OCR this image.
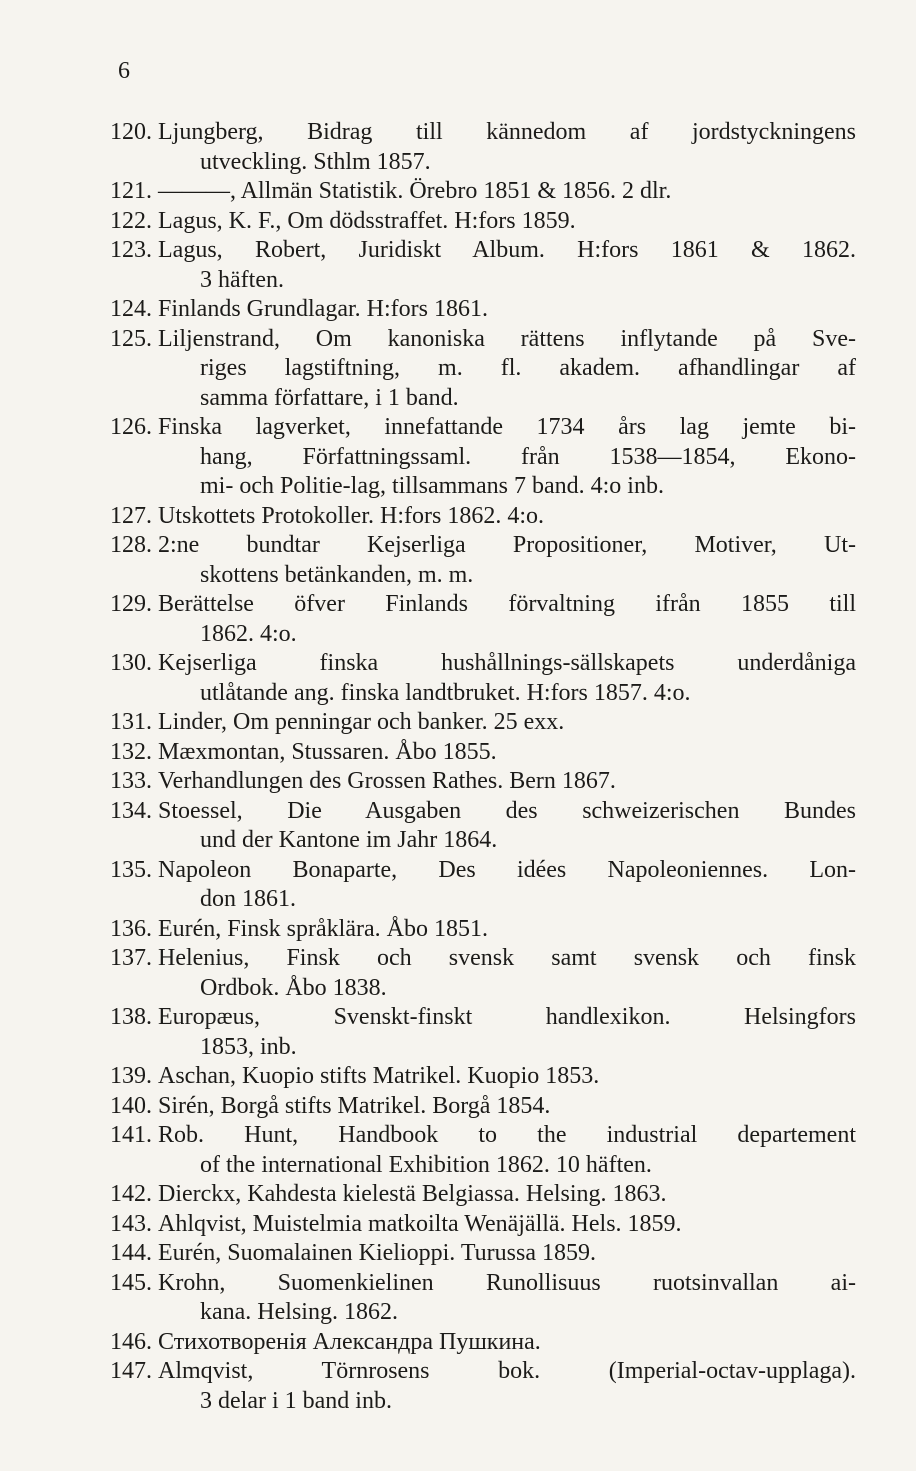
6
120. Ljungberg, Bidrag till kännedom af jordstyckningens
utveckling. Sthlm 1857.
121. ———, Allmän Statistik. Örebro 1851 & 1856. 2 dlr.
122. Lagus, K. F., Om dödsstraffet. H:fors 1859.
123. Lagus, Robert, Juridiskt Album. H:fors 1861 & 1862.
3 häften.
124. Finlands Grundlagar. H:fors 1861.
125. Liljenstrand, Om kanoniska rättens inflytande på Sve-
riges lagstiftning, m. fl. akadem. afhandlingar af
samma författare, i 1 band.
126. Finska lagverket, innefattande 1734 års lag jemte bi-
hang, Författningssaml. från 1538—1854, Ekono-
mi- och Politie-lag, tillsammans 7 band. 4:o inb.
127. Utskottets Protokoller. H:fors 1862. 4:o.
128. 2:ne bundtar Kejserliga Propositioner, Motiver, Ut-
skottens betänkanden, m. m.
129. Berättelse öfver Finlands förvaltning ifrån 1855 till
1862. 4:o.
130. Kejserliga finska hushållnings-sällskapets underdåniga
utlåtande ang. finska landtbruket. H:fors 1857. 4:o.
131. Linder, Om penningar och banker. 25 exx.
132. Mæxmontan, Stussaren. Åbo 1855.
133. Verhandlungen des Grossen Rathes. Bern 1867.
134. Stoessel, Die Ausgaben des schweizerischen Bundes
und der Kantone im Jahr 1864.
135. Napoleon Bonaparte, Des idées Napoleoniennes. Lon-
don 1861.
136. Eurén, Finsk språklära. Åbo 1851.
137. Helenius, Finsk och svensk samt svensk och finsk
Ordbok. Åbo 1838.
138. Europæus, Svenskt-finskt handlexikon. Helsingfors
1853, inb.
139. Aschan, Kuopio stifts Matrikel. Kuopio 1853.
140. Sirén, Borgå stifts Matrikel. Borgå 1854.
141. Rob. Hunt, Handbook to the industrial departement
of the international Exhibition 1862. 10 häften.
142. Dierckx, Kahdesta kielestä Belgiassa. Helsing. 1863.
143. Ahlqvist, Muistelmia matkoilta Wenäjällä. Hels. 1859.
144. Eurén, Suomalainen Kielioppi. Turussa 1859.
145. Krohn, Suomenkielinen Runollisuus ruotsinvallan ai-
kana. Helsing. 1862.
146. Стихотворенія Александра Пушкина.
147. Almqvist, Törnrosens bok. (Imperial-octav-upplaga).
3 delar i 1 band inb.
